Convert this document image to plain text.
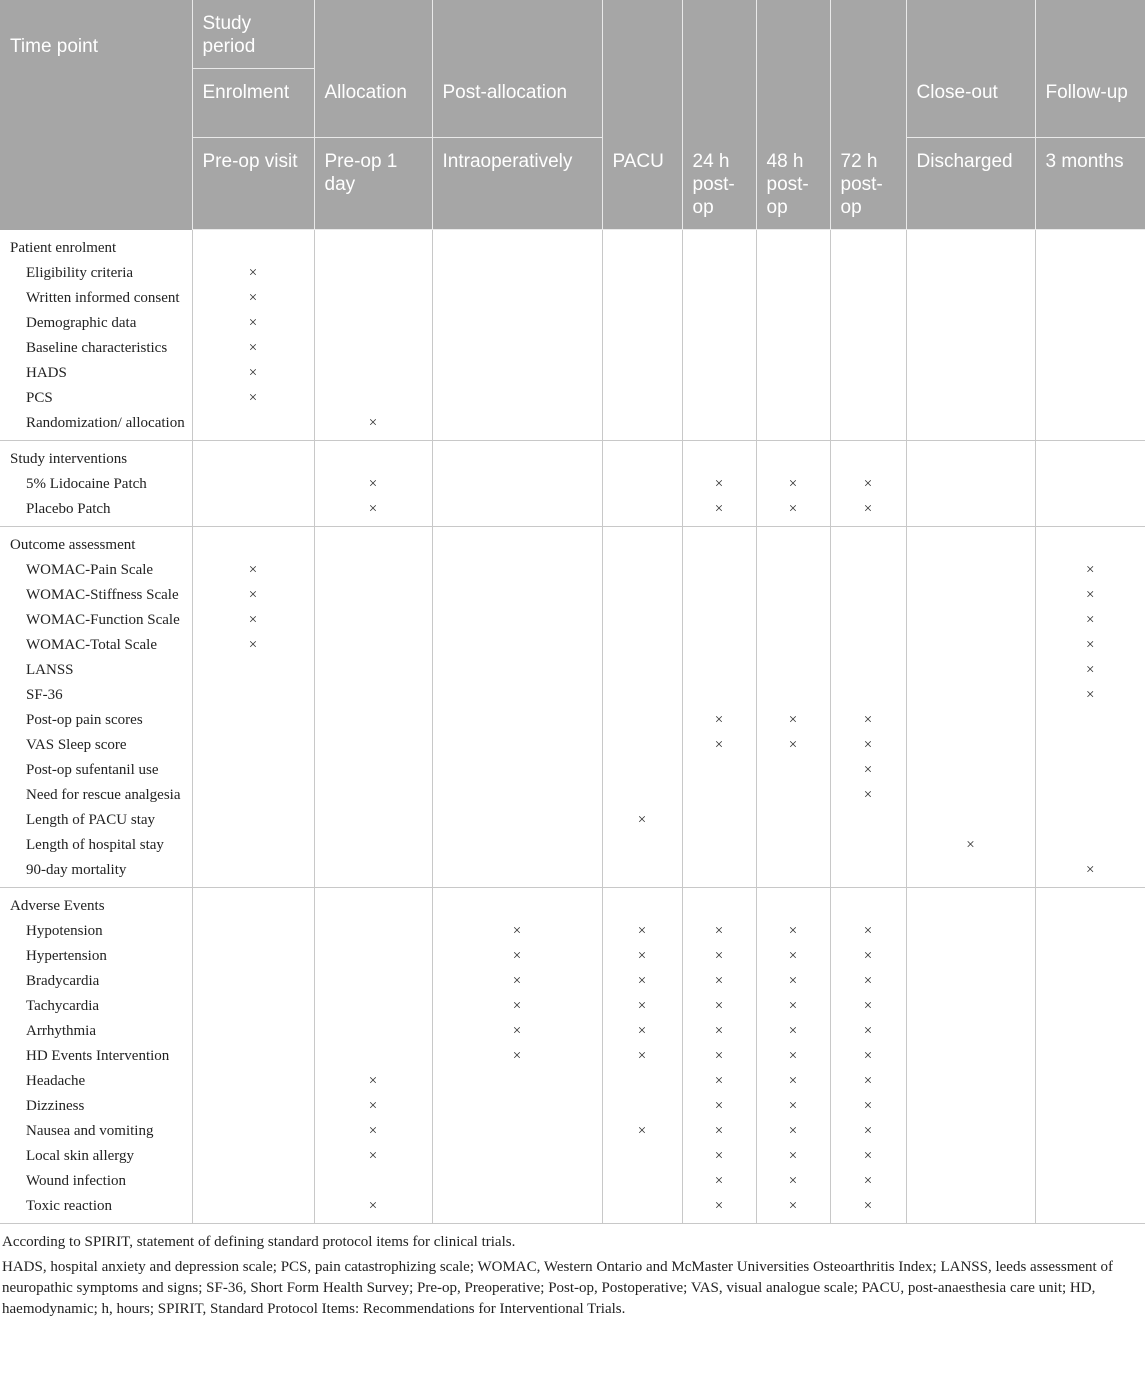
Time point	Study period								
	Enrolment	Allocation	Post-allocation					Close-out	Follow-up
	Pre-op visit	Pre-op 1 day	Intraoperatively	PACU	24 h post-op	48 h post-op	72 h post-op	Discharged	3 months
Patient enrolment									
Eligibility criteria	×								
Written informed consent	×								
Demographic data	×								
Baseline characteristics	×								
HADS	×								
PCS	×								
Randomization/ allocation		×							
Study interventions									
5% Lidocaine Patch		×			×	×	×		
Placebo Patch		×			×	×	×		
Outcome assessment									
WOMAC-Pain Scale	×								×
WOMAC-Stiffness Scale	×								×
WOMAC-Function Scale	×								×
WOMAC-Total Scale	×								×
LANSS									×
SF-36									×
Post-op pain scores					×	×	×		
VAS Sleep score					×	×	×		
Post-op sufentanil use							×		
Need for rescue analgesia							×		
Length of PACU stay				×					
Length of hospital stay								×	
90-day mortality									×
Adverse Events									
Hypotension			×	×	×	×	×		
Hypertension			×	×	×	×	×		
Bradycardia			×	×	×	×	×		
Tachycardia			×	×	×	×	×		
Arrhythmia			×	×	×	×	×		
HD Events Intervention			×	×	×	×	×		
Headache		×			×	×	×		
Dizziness		×			×	×	×		
Nausea and vomiting		×		×	×	×	×		
Local skin allergy		×			×	×	×		
Wound infection					×	×	×		
Toxic reaction		×			×	×	×		

According to SPIRIT, statement of defining standard protocol items for clinical trials.

HADS, hospital anxiety and depression scale; PCS, pain catastrophizing scale; WOMAC, Western Ontario and McMaster Universities Osteoarthritis Index; LANSS, leeds assessment of neuropathic symptoms and signs; SF-36, Short Form Health Survey; Pre-op, Preoperative; Post-op, Postoperative; VAS, visual analogue scale; PACU, post-anaesthesia care unit; HD, haemodynamic; h, hours; SPIRIT, Standard Protocol Items: Recommendations for Interventional Trials.
